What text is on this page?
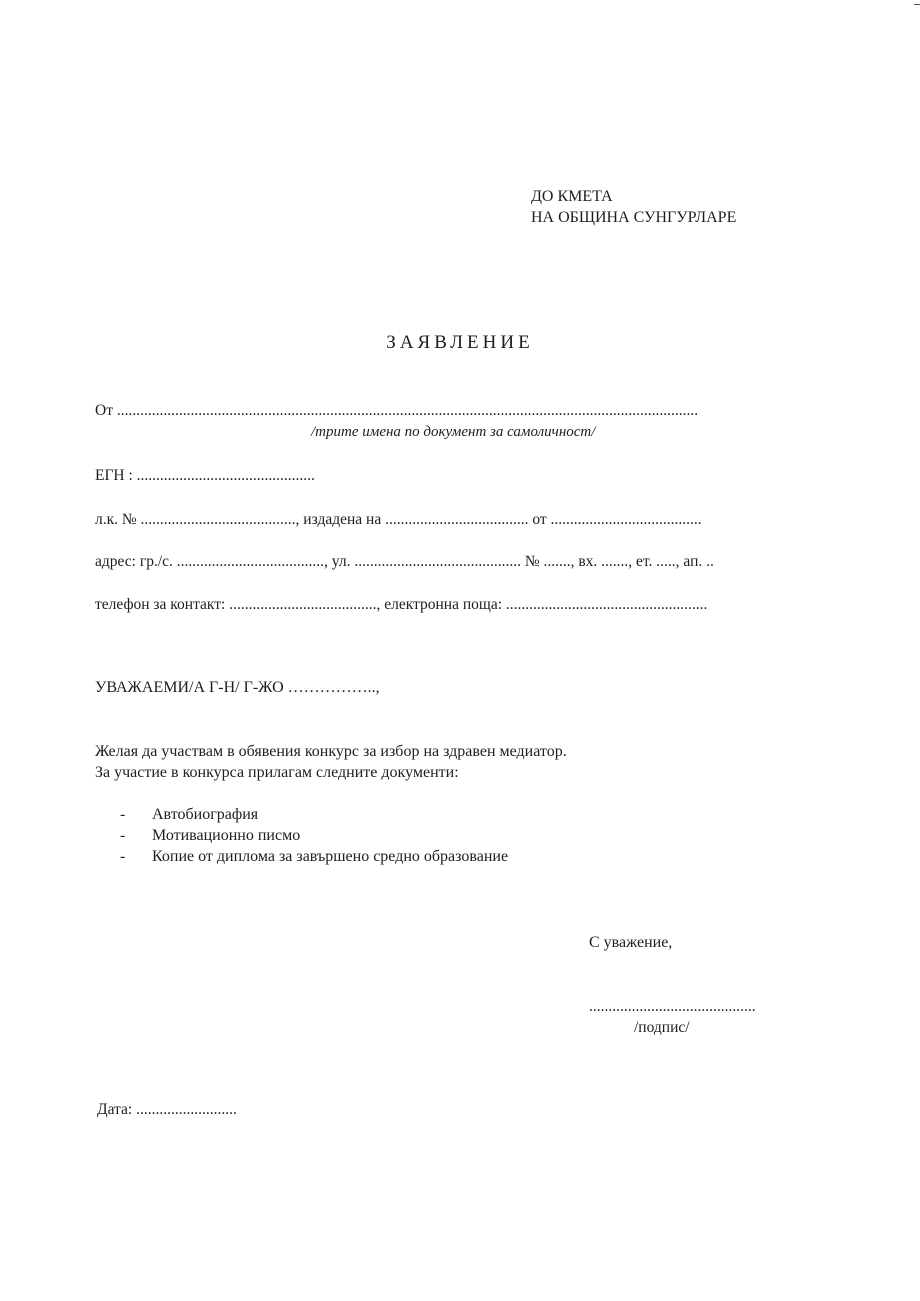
ДО КМЕТА
НА ОБЩИНА СУНГУРЛАРЕ
ЗАЯВЛЕНИЕ
От ......................................................................................................................................................
/трите имена по документ за самоличност/
ЕГН : ..............................................
л.к. № ........................................, издадена на ..................................... от .......................................
адрес: гр./с. ......................................, ул. ........................................... № ......., вх. ......., ет. ....., ап. ..
телефон за контакт: ......................................, електронна поща: ....................................................
УВАЖАЕМИ/А Г-Н/ Г-ЖО ……………..,
Желая да участвам в обявения конкурс за избор на здравен медиатор.
За участие в конкурса прилагам следните документи:
-	Автобиография
-	Мотивационно писмо
-	Копие от диплома за завършено средно образование
С уважение,
...........................................
/подпис/
Дата: ..........................
